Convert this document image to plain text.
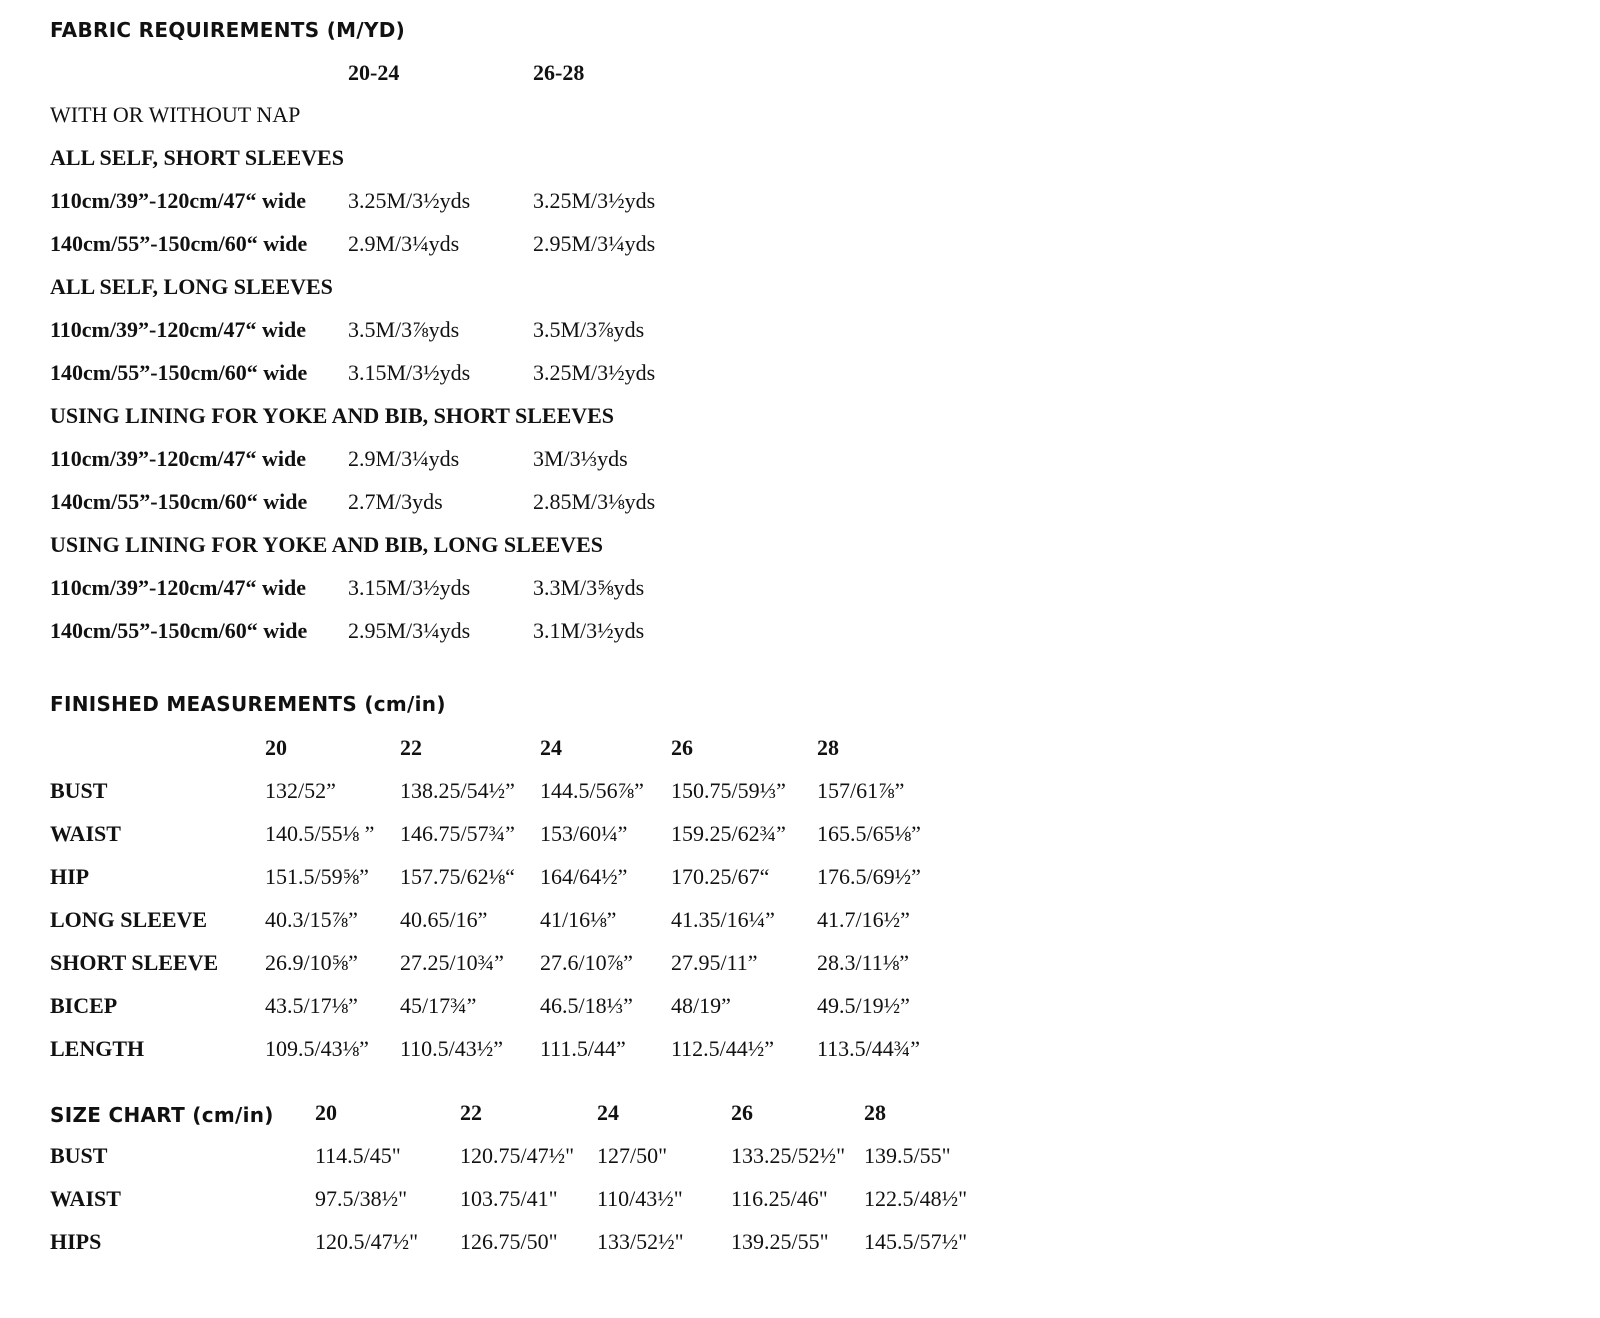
FABRIC REQUIREMENTS (M/YD)
20-24	26-28
WITH OR WITHOUT NAP
ALL SELF, SHORT SLEEVES
110cm/39”-120cm/47“ wide 3.25M/3½yds	3.25M/3½yds
140cm/55”-150cm/60“ wide 2.9M/3¼yds	2.95M/3¼yds
ALL SELF, LONG SLEEVES
110cm/39”-120cm/47“ wide 3.5M/3⅞yds	3.5M/3⅞yds
140cm/55”-150cm/60“ wide 3.15M/3½yds	3.25M/3½yds
USING LINING FOR YOKE AND BIB, SHORT SLEEVES
110cm/39”-120cm/47“ wide 2.9M/3¼yds	3M/3⅓yds
140cm/55”-150cm/60“ wide 2.7M/3yds	2.85M/3⅛yds
USING LINING FOR YOKE AND BIB, LONG SLEEVES
110cm/39”-120cm/47“ wide 3.15M/3½yds	3.3M/3⅝yds
140cm/55”-150cm/60“ wide 2.95M/3¼yds	3.1M/3½yds
FINISHED MEASUREMENTS (cm/in)
20	22	24	26	28
BUST	132/52”	138.25/54½” 144.5/56⅞” 150.75/59⅓” 157/61⅞”
WAIST	140.5/55⅛ ” 146.75/57¾” 153/60¼” 159.25/62¾” 165.5/65⅛”
HIP	151.5/59⅝” 157.75/62⅛“ 164/64½” 170.25/67“ 176.5/69½”
LONG SLEEVE	40.3/15⅞” 40.65/16” 41/16⅛” 41.35/16¼” 41.7/16½”
SHORT SLEEVE 26.9/10⅝” 27.25/10¾” 27.6/10⅞” 27.95/11”	28.3/11⅛”
BICEP	43.5/17⅛” 45/17¾”	46.5/18⅓” 48/19”	49.5/19½”
LENGTH	109.5/43⅛” 110.5/43½” 111.5/44” 112.5/44½” 113.5/44¾”
SIZE CHART (cm/in) 20	22	24	26	28
BUST	114.5/45"	120.75/47½" 127/50"	133.25/52½" 139.5/55"
WAIST	97.5/38½" 103.75/41" 110/43½" 116.25/46" 122.5/48½"
HIPS	120.5/47½" 126.75/50" 133/52½" 139.25/55" 145.5/57½"
